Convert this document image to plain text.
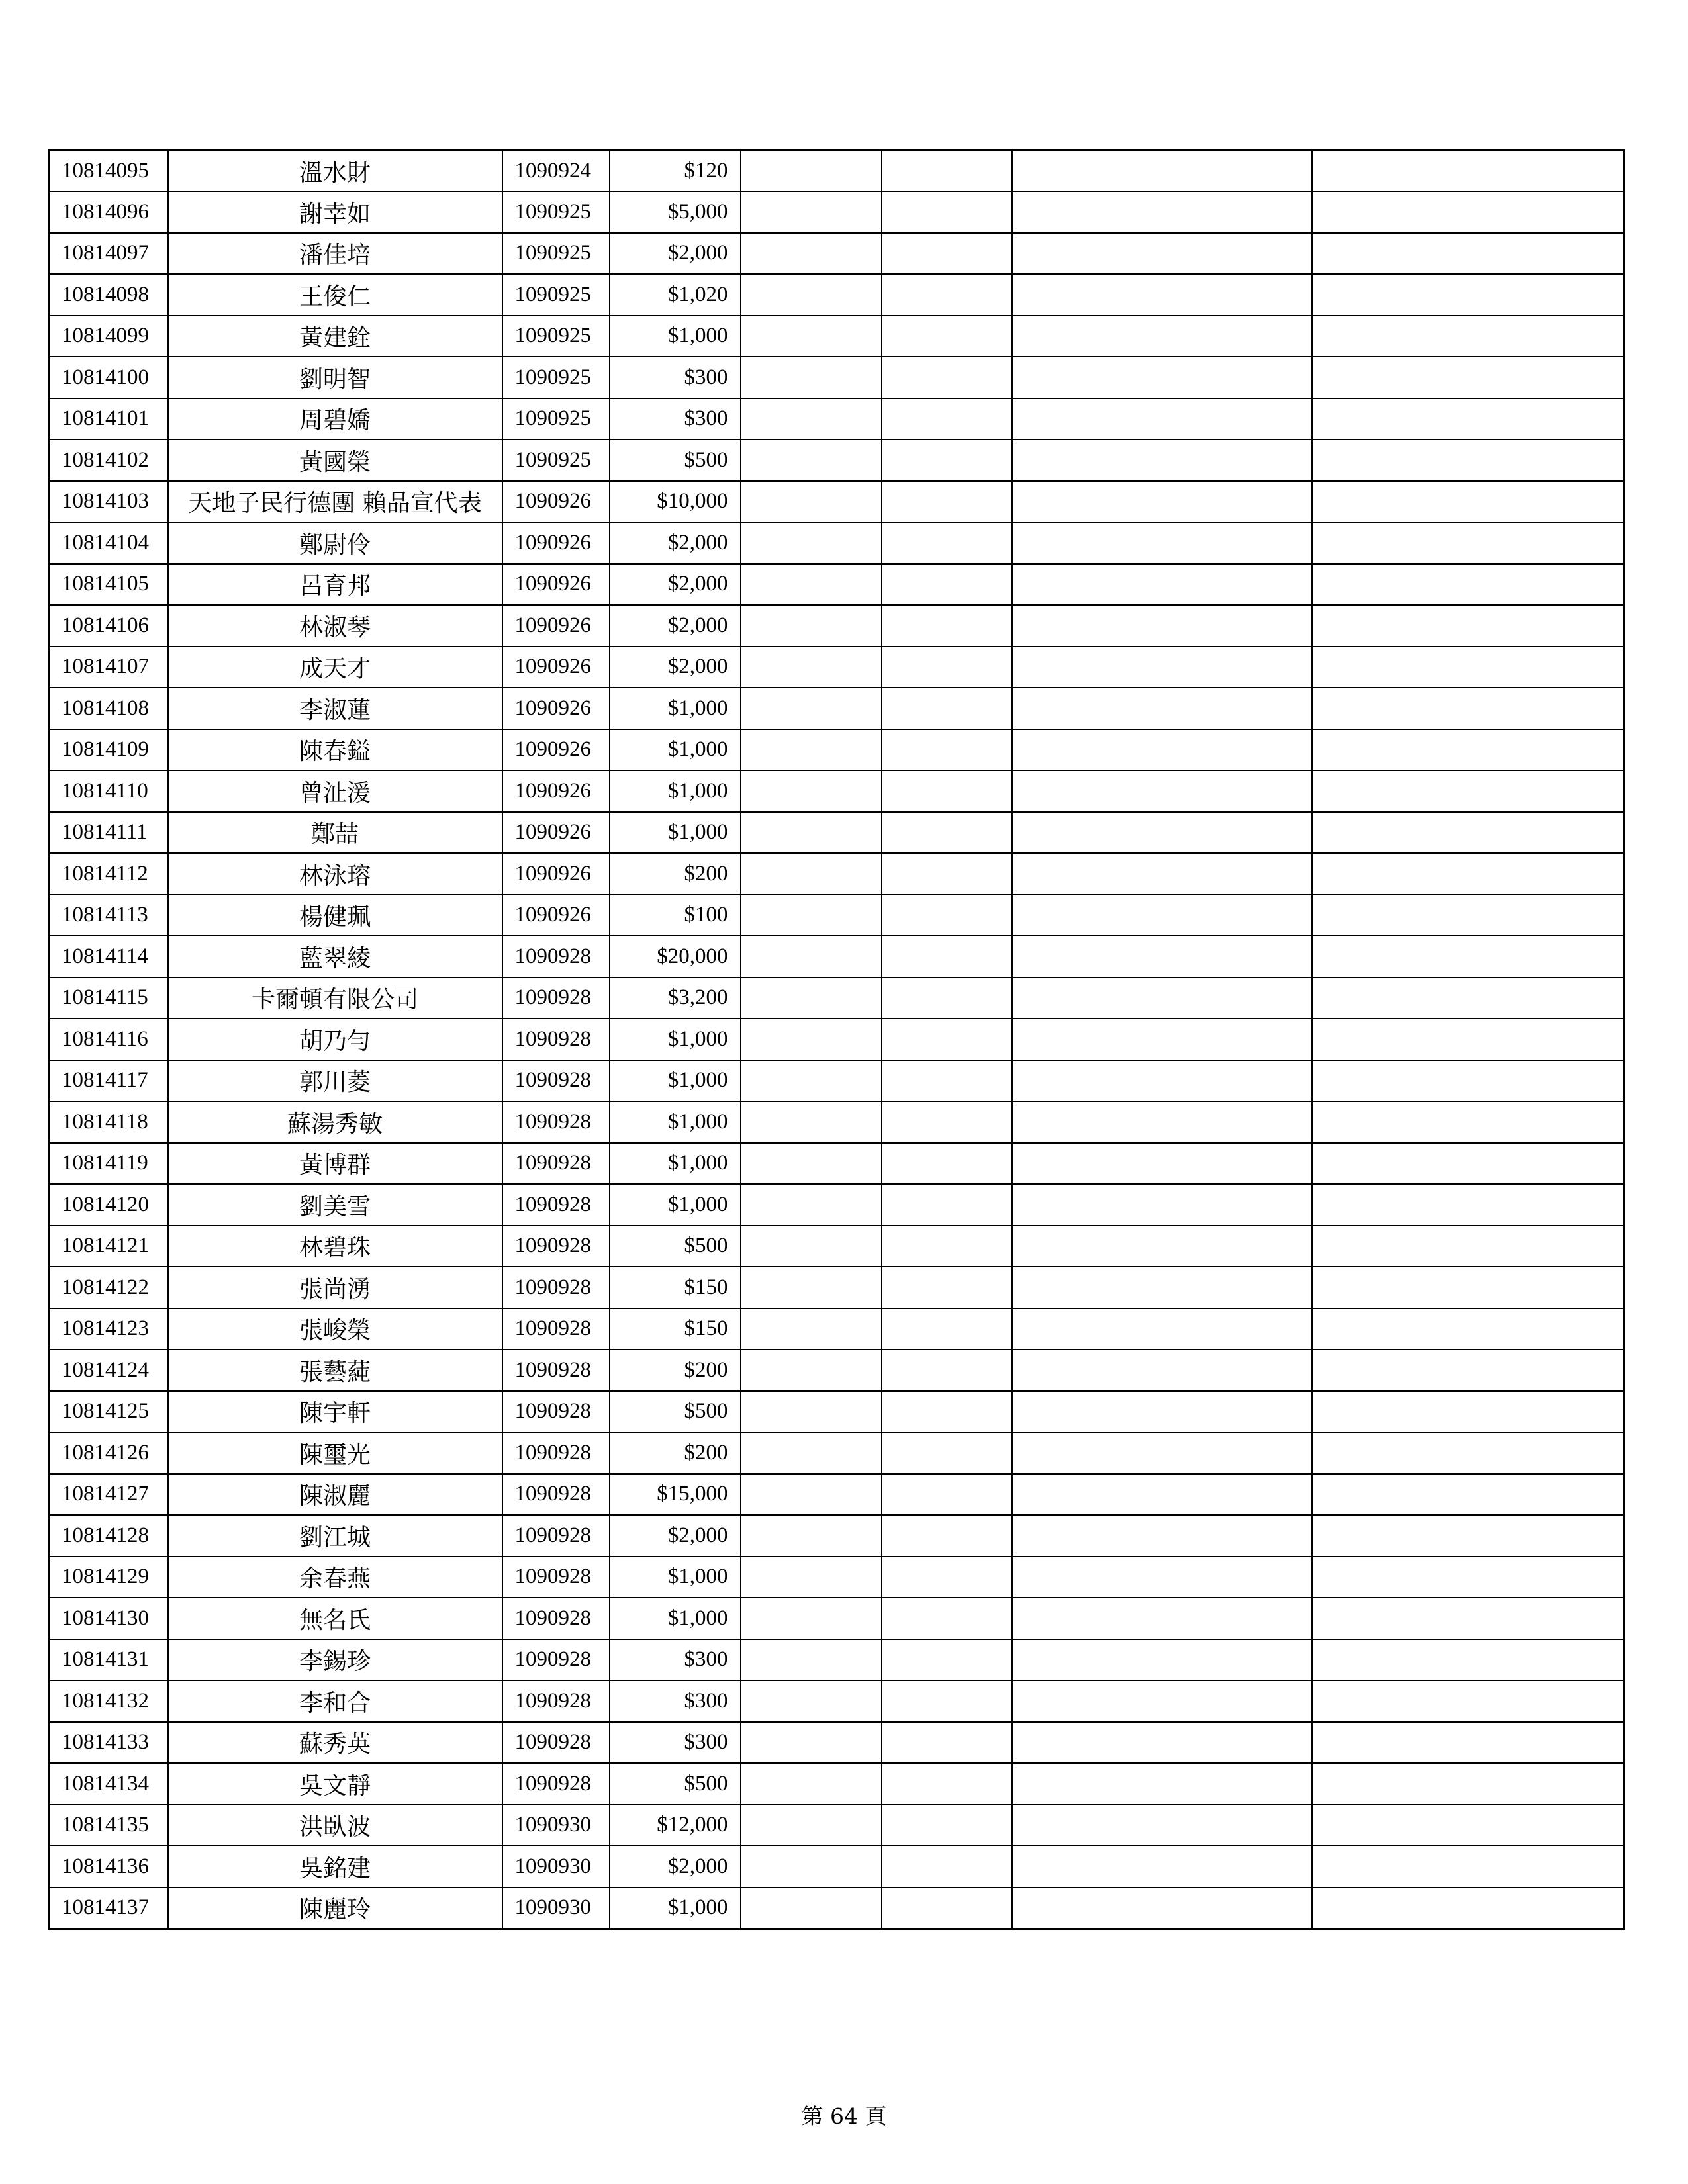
10814095	溫水財	1090924	$120				
10814096	謝幸如	1090925	$5,000				
10814097	潘佳培	1090925	$2,000				
10814098	王俊仁	1090925	$1,020				
10814099	黃建銓	1090925	$1,000				
10814100	劉明智	1090925	$300				
10814101	周碧嬌	1090925	$300				
10814102	黃國榮	1090925	$500				
10814103	天地子民行德團 賴品宣代表	1090926	$10,000				
10814104	鄭尉伶	1090926	$2,000				
10814105	呂育邦	1090926	$2,000				
10814106	林淑琴	1090926	$2,000				
10814107	成天才	1090926	$2,000				
10814108	李淑蓮	1090926	$1,000				
10814109	陳春鎰	1090926	$1,000				
10814110	曾沚湲	1090926	$1,000				
10814111	鄭喆	1090926	$1,000				
10814112	林泳瑢	1090926	$200				
10814113	楊健珮	1090926	$100				
10814114	藍翠綾	1090928	$20,000				
10814115	卡爾頓有限公司	1090928	$3,200				
10814116	胡乃勻	1090928	$1,000				
10814117	郭川菱	1090928	$1,000				
10814118	蘇湯秀敏	1090928	$1,000				
10814119	黃博群	1090928	$1,000				
10814120	劉美雪	1090928	$1,000				
10814121	林碧珠	1090928	$500				
10814122	張尚湧	1090928	$150				
10814123	張峻榮	1090928	$150				
10814124	張藝蒓	1090928	$200				
10814125	陳宇軒	1090928	$500				
10814126	陳璽光	1090928	$200				
10814127	陳淑麗	1090928	$15,000				
10814128	劉江城	1090928	$2,000				
10814129	余春燕	1090928	$1,000				
10814130	無名氏	1090928	$1,000				
10814131	李錫珍	1090928	$300				
10814132	李和合	1090928	$300				
10814133	蘇秀英	1090928	$300				
10814134	吳文靜	1090928	$500				
10814135	洪臥波	1090930	$12,000				
10814136	吳銘建	1090930	$2,000				
10814137	陳麗玲	1090930	$1,000				
第 64 頁
